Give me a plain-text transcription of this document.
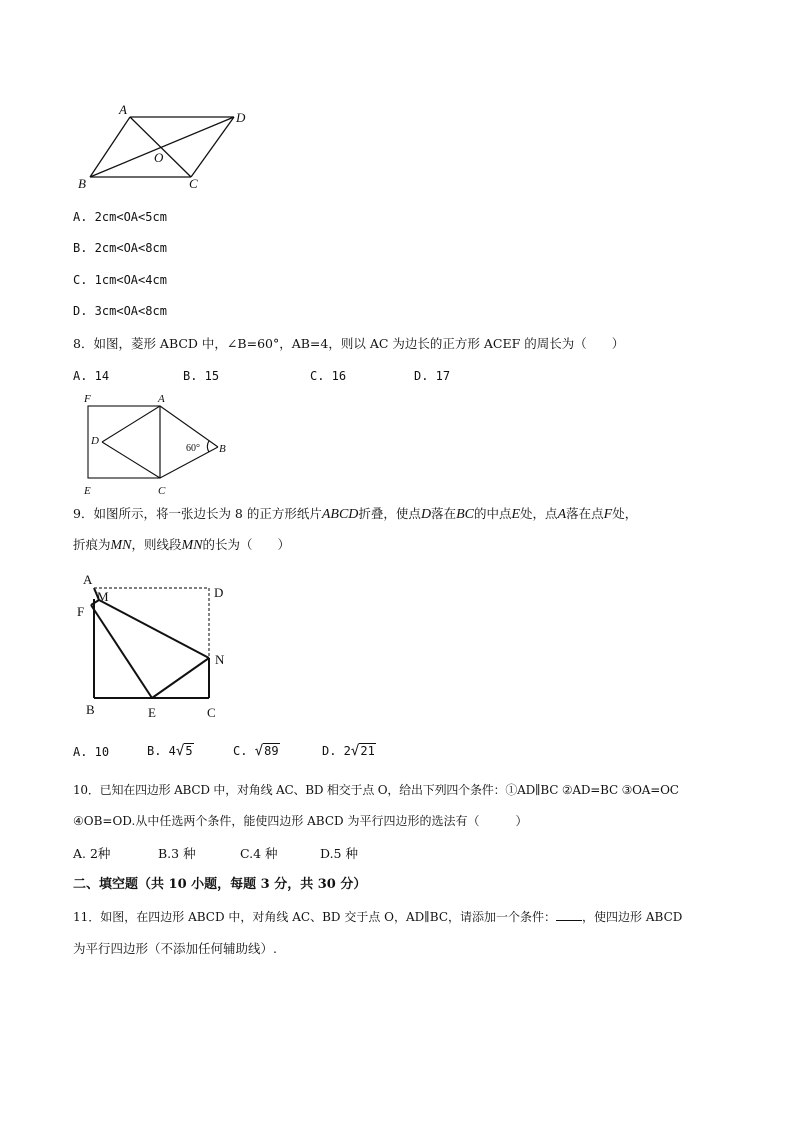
A
D
O
B	C

A. 2cm<OA<5cm

B. 2cm<OA<8cm

C. 1cm<OA<4cm

D. 3cm<OA<8cm

8．如图，菱形 ABCD 中，∠B=60°，AB=4，则以 AC 为边长的正方形 ACEF 的周长为（　　）

A. 14	B. 15	C. 16	D. 17

F	A
D
B
E	C
60°

9．如图所示，将一张边长为 8 的正方形纸片ABCD折叠，使点D落在BC的中点E处，点A落在点F处，

折痕为MN，则线段MN的长为（　　）

A
D
F
M
N
B	E	C

A. 10	B. 4√5	C. √89	D. 2√21

10．已知在四边形 ABCD 中，对角线 AC、BD 相交于点 O，给出下列四个条件：①AD∥BC ②AD=BC ③OA=OC

④OB=OD.从中任选两个条件，能使四边形 ABCD 为平行四边形的选法有（　　　）

A. 2种	B.3 种	C.4 种	D.5 种

二、填空题（共 10 小题，每题 3 分，共 30 分）

11．如图，在四边形 ABCD 中，对角线 AC、BD 交于点 O，AD∥BC，请添加一个条件： ，使四边形 ABCD

为平行四边形（不添加任何辅助线）.
